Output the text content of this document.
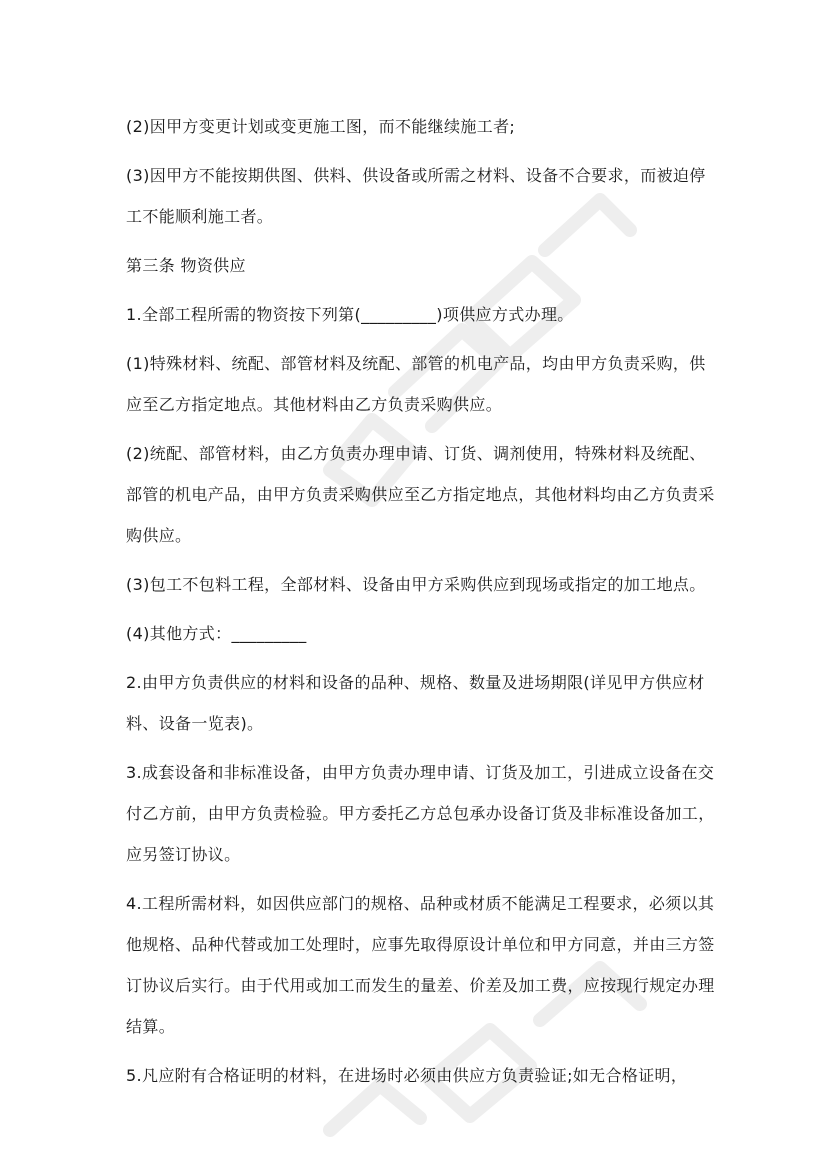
(2)因甲方变更计划或变更施工图，而不能继续施工者;

(3)因甲方不能按期供图、供料、供设备或所需之材料、设备不合要求，而被迫停工不能顺利施工者。

第三条 物资供应

1.全部工程所需的物资按下列第(_________)项供应方式办理。

(1)特殊材料、统配、部管材料及统配、部管的机电产品，均由甲方负责采购，供应至乙方指定地点。其他材料由乙方负责采购供应。

(2)统配、部管材料，由乙方负责办理申请、订货、调剂使用，特殊材料及统配、部管的机电产品，由甲方负责采购供应至乙方指定地点，其他材料均由乙方负责采购供应。

(3)包工不包料工程，全部材料、设备由甲方采购供应到现场或指定的加工地点。

(4)其他方式：_________

2.由甲方负责供应的材料和设备的品种、规格、数量及进场期限(详见甲方供应材料、设备一览表)。

3.成套设备和非标准设备，由甲方负责办理申请、订货及加工，引进成立设备在交付乙方前，由甲方负责检验。甲方委托乙方总包承办设备订货及非标准设备加工，应另签订协议。

4.工程所需材料，如因供应部门的规格、品种或材质不能满足工程要求，必须以其他规格、品种代替或加工处理时，应事先取得原设计单位和甲方同意，并由三方签订协议后实行。由于代用或加工而发生的量差、价差及加工费，应按现行规定办理结算。

5.凡应附有合格证明的材料，在进场时必须由供应方负责验证;如无合格证明，
